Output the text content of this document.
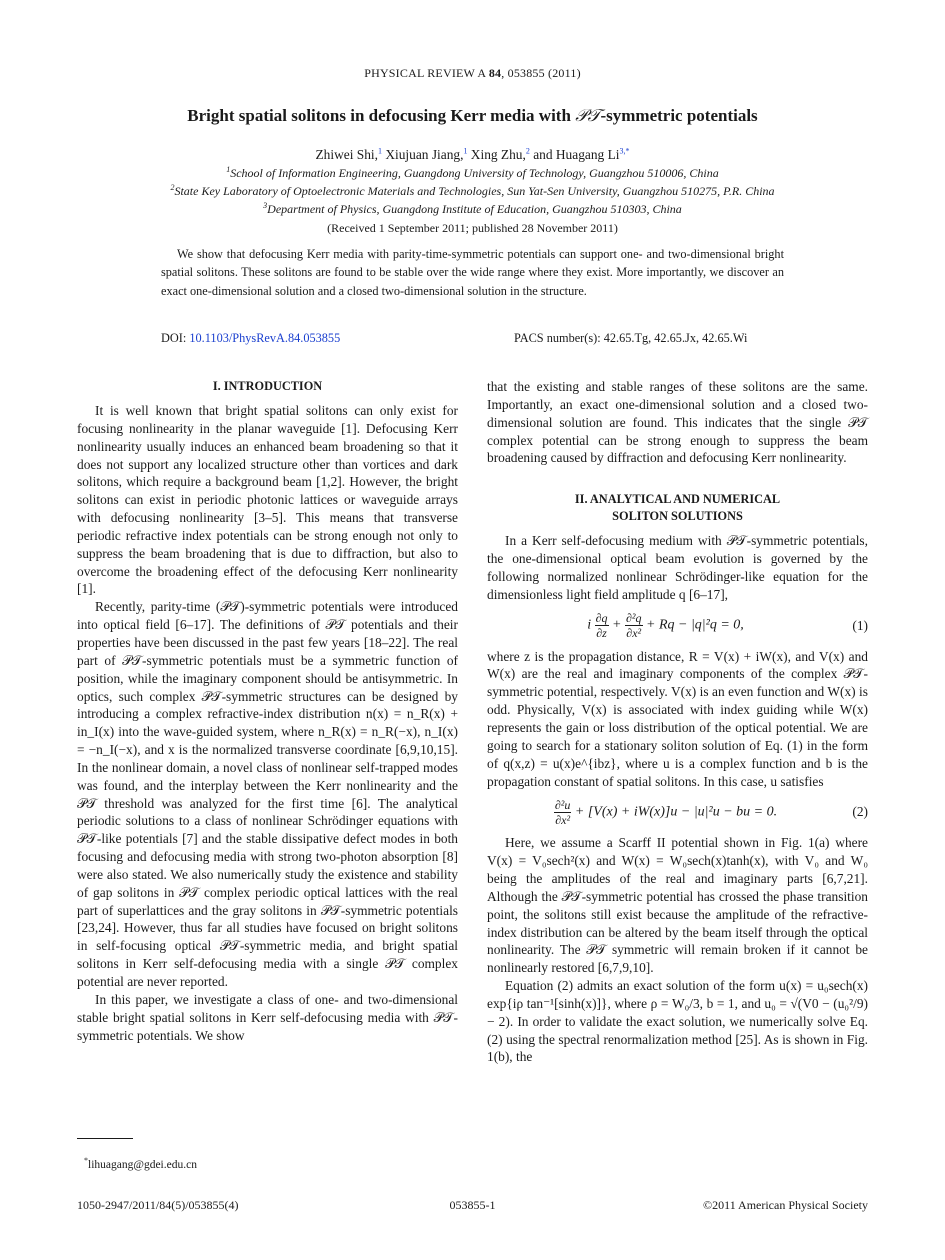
PHYSICAL REVIEW A 84, 053855 (2011)
Bright spatial solitons in defocusing Kerr media with 𝒫𝒯-symmetric potentials
Zhiwei Shi,$^1$ Xiujuan Jiang,$^1$ Xing Zhu,$^2$ and Huagang $Li^{3,*}$
$^1$School of Information Engineering, Guangdong University of Technology, Guangzhou 510006, China
$^2$State Key Laboratory of Optoelectronic Materials and Technologies, Sun Yat-Sen University, Guangzhou 510275, P.R. China
$^3$Department of Physics, Guangdong Institute of Education, Guangzhou 510303, China
(Received 1 September 2011; published 28 November 2011)
We show that defocusing Kerr media with parity-time-symmetric potentials can support one- and two-dimensional bright spatial solitons. These solitons are found to be stable over the wide range where they exist. More importantly, we discover an exact one-dimensional solution and a closed two-dimensional solution in the structure.
DOI: 10.1103/PhysRevA.84.053855	PACS number(s): 42.65.Tg, 42.65.Jx, 42.65.Wi
I. INTRODUCTION

It is well known that bright spatial solitons can only exist for focusing nonlinearity in the planar waveguide [1]. Defocusing Kerr nonlinearity usually induces an enhanced beam broadening so that it does not support any localized structure other than vortices and dark solitons, which require a background beam [1,2]. However, the bright solitons can exist in periodic photonic lattices or waveguide arrays with defocusing nonlinearity [3–5]. This means that transverse periodic refractive index potentials can be strong enough not only to suppress the beam broadening that is due to diffraction, but also to overcome the broadening effect of the defocusing Kerr nonlinearity [1].

Recently, parity-time (𝒫𝒯)-symmetric potentials were introduced into optical field [6–17]. The definitions of 𝒫𝒯 potentials and their properties have been discussed in the past few years [18–22]. The real part of 𝒫𝒯-symmetric potentials must be a symmetric function of position, while the imaginary component should be antisymmetric. In optics, such complex 𝒫𝒯-symmetric structures can be designed by introducing a complex refractive-index distribution n(x) = n_R(x) + in_I(x) into the wave-guided system, where n_R(x) = n_R(−x), n_I(x) = −n_I(−x), and x is the normalized transverse coordinate [6,9,10,15]. In the nonlinear domain, a novel class of nonlinear self-trapped modes was found, and the interplay between the Kerr nonlinearity and the 𝒫𝒯 threshold was analyzed for the first time [6]. The analytical periodic solutions to a class of nonlinear Schrödinger equations with 𝒫𝒯-like potentials [7] and the stable dissipative defect modes in both focusing and defocusing media with strong two-photon absorption [8] were also stated. We also numerically study the existence and stability of gap solitons in 𝒫𝒯 complex periodic optical lattices with the real part of superlattices and the gray solitons in 𝒫𝒯-symmetric potentials [23,24]. However, thus far all studies have focused on bright solitons in self-focusing optical 𝒫𝒯-symmetric media, and bright spatial solitons in Kerr self-defocusing media with a single 𝒫𝒯 complex potential are never reported.

In this paper, we investigate a class of one- and two-dimensional stable bright spatial solitons in Kerr self-defocusing media with 𝒫𝒯-symmetric potentials. We show

that the existing and stable ranges of these solitons are the same. Importantly, an exact one-dimensional solution and a closed two-dimensional solution are found. This indicates that the single 𝒫𝒯 complex potential can be strong enough to suppress the beam broadening caused by diffraction and defocusing Kerr nonlinearity.

II. ANALYTICAL AND NUMERICAL
SOLITON SOLUTIONS

In a Kerr self-defocusing medium with 𝒫𝒯-symmetric potentials, the one-dimensional optical beam evolution is governed by the following normalized nonlinear Schrödinger-like equation for the dimensionless light field amplitude q [6–17],

i $\frac{\partial q}{\partial z} + \frac{\text{∂²q}}{\text{∂x²}} + Rq - |q|^2q = 0$,	(1)

where z is the propagation distance, R = V(x) + iW(x), and V(x) and W(x) are the real and imaginary components of the complex 𝒫𝒯-symmetric potential, respectively. V(x) is an even function and W(x) is odd. Physically, V(x) is associated with index guiding while W(x) represents the gain or loss distribution of the optical potential. We are going to search for a stationary soliton solution of Eq. (1) in the form of q(x,z) = u(x)e^{ibz}, where u is a complex function and b is the propagation constant of spatial solitons. In this case, u satisfies

$\frac{\text{∂²u}}{\text{∂x²}} + [V(x) + iW(x)]u - |u|^2u$ − bu = 0.	(2)

Here, we assume a Scarff II potential shown in Fig. 1(a) where V(x) = V₀sech²(x) and W(x) = W₀sech(x)tanh(x), with V₀ and W₀ being the amplitudes of the real and imaginary parts [6,7,21]. Although the 𝒫𝒯-symmetric potential has crossed the phase transition point, the solitons still exist because the amplitude of the refractive-index distribution can be altered by the beam itself through the optical nonlinearity. The 𝒫𝒯 symmetric will remain broken if it cannot be nonlinearly restored [6,7,9,10].

Equation (2) admits an exact solution of the form u(x) = u₀sech(x) exp{iρ tan⁻¹[sinh(x)]}, where ρ = W₀/3, b = 1, and u₀ = √(V0 − (u₀²/9) − 2). In order to validate the exact solution, we numerically solve Eq. (2) using the spectral renormalization method [25]. As is shown in Fig. 1(b), the

*lihuagang@gdei.edu.cn
1050-2947/2011/84(5)/053855(4)	053855-1	©2011 American Physical Society
